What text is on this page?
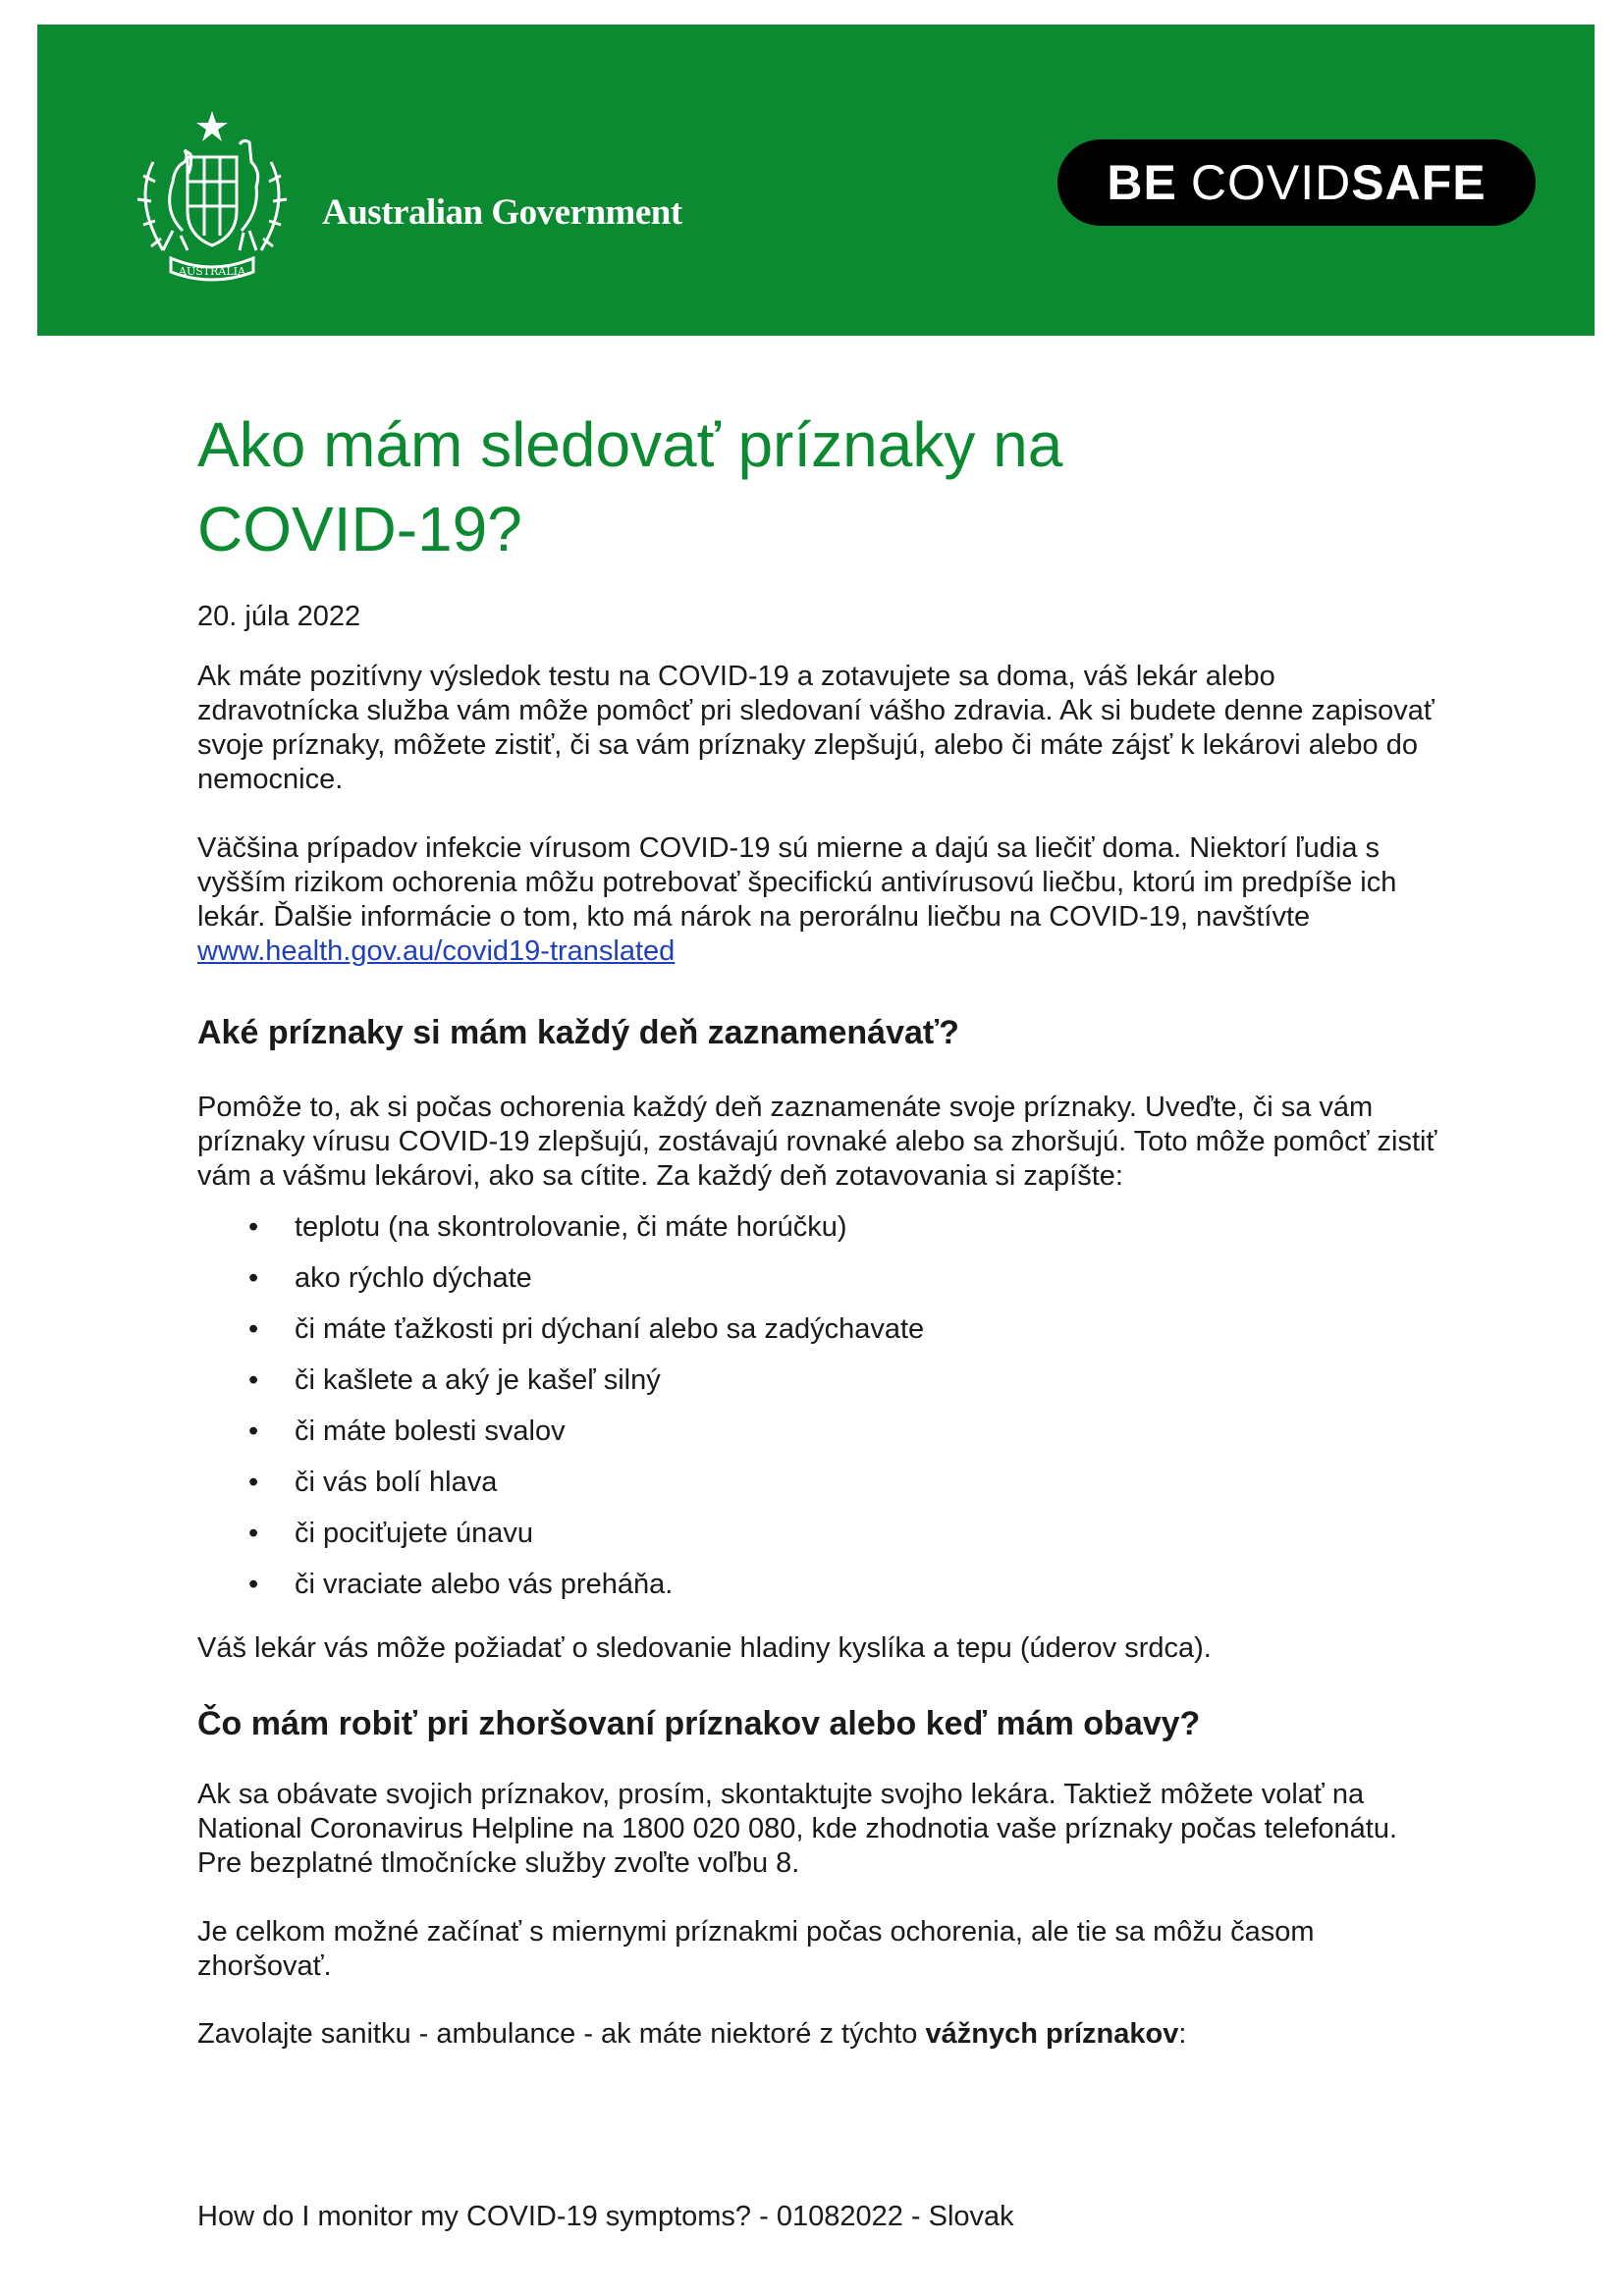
AUSTRALIA
Australian Government
BE COVID SAFE
Ako mám sledovať príznaky na COVID-19?
20. júla 2022

Ak máte pozitívny výsledok testu na COVID-19 a zotavujete sa doma, váš lekár alebo zdravotnícka služba vám môže pomôcť pri sledovaní vášho zdravia. Ak si budete denne zapisovať svoje príznaky, môžete zistiť, či sa vám príznaky zlepšujú, alebo či máte zájsť k lekárovi alebo do nemocnice.

Väčšina prípadov infekcie vírusom COVID-19 sú mierne a dajú sa liečiť doma. Niektorí ľudia s vyšším rizikom ochorenia môžu potrebovať špecifickú antivírusovú liečbu, ktorú im predpíše ich lekár. Ďalšie informácie o tom, kto má nárok na perorálnu liečbu na COVID-19, navštívte www.health.gov.au/covid19-translated

Aké príznaky si mám každý deň zaznamenávať?

Pomôže to, ak si počas ochorenia každý deň zaznamenáte svoje príznaky. Uveďte, či sa vám príznaky vírusu COVID-19 zlepšujú, zostávajú rovnaké alebo sa zhoršujú. Toto môže pomôcť zistiť vám a vášmu lekárovi, ako sa cítite. Za každý deň zotavovania si zapíšte:

• teplotu (na skontrolovanie, či máte horúčku)
• ako rýchlo dýchate
• či máte ťažkosti pri dýchaní alebo sa zadýchavate
• či kašlete a aký je kašeľ silný
• či máte bolesti svalov
• či vás bolí hlava
• či pociťujete únavu
• či vraciate alebo vás preháňa.

Váš lekár vás môže požiadať o sledovanie hladiny kyslíka a tepu (úderov srdca).

Čo mám robiť pri zhoršovaní príznakov alebo keď mám obavy?

Ak sa obávate svojich príznakov, prosím, skontaktujte svojho lekára. Taktiež môžete volať na National Coronavirus Helpline na 1800 020 080, kde zhodnotia vaše príznaky počas telefonátu. Pre bezplatné tlmočnícke služby zvoľte voľbu 8.

Je celkom možné začínať s miernymi príznakmi počas ochorenia, ale tie sa môžu časom zhoršovať.

Zavolajte sanitku - ambulance - ak máte niektoré z týchto vážnych príznakov:

How do I monitor my COVID-19 symptoms? - 01082022 - Slovak
